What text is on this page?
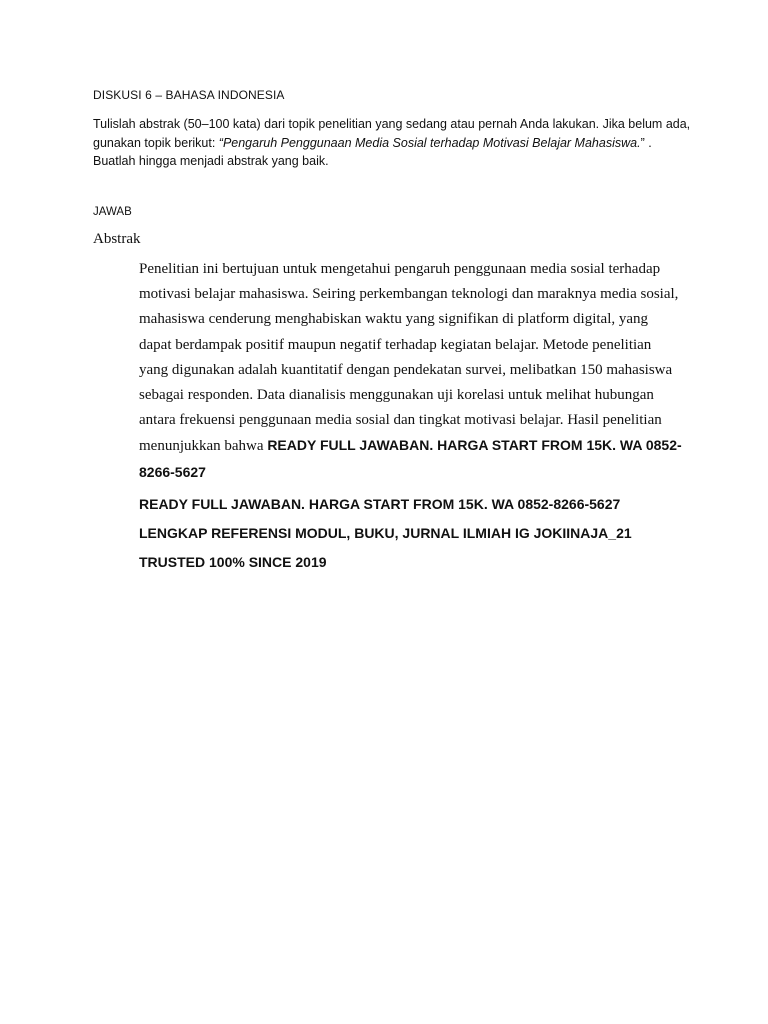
DISKUSI 6 – BAHASA INDONESIA
Tulislah abstrak (50–100 kata) dari topik penelitian yang sedang atau pernah Anda lakukan. Jika belum ada, gunakan topik berikut: “Pengaruh Penggunaan Media Sosial terhadap Motivasi Belajar Mahasiswa.” . Buatlah hingga menjadi abstrak yang baik.
JAWAB
Abstrak
Penelitian ini bertujuan untuk mengetahui pengaruh penggunaan media sosial terhadap motivasi belajar mahasiswa. Seiring perkembangan teknologi dan maraknya media sosial, mahasiswa cenderung menghabiskan waktu yang signifikan di platform digital, yang dapat berdampak positif maupun negatif terhadap kegiatan belajar. Metode penelitian yang digunakan adalah kuantitatif dengan pendekatan survei, melibatkan 150 mahasiswa sebagai responden. Data dianalisis menggunakan uji korelasi untuk melihat hubungan antara frekuensi penggunaan media sosial dan tingkat motivasi belajar. Hasil penelitian menunjukkan bahwa READY FULL JAWABAN. HARGA START FROM 15K. WA 0852-8266-5627
READY FULL JAWABAN. HARGA START FROM 15K. WA 0852-8266-5627
LENGKAP REFERENSI MODUL, BUKU, JURNAL ILMIAH IG JOKIINAJA_21
TRUSTED 100% SINCE 2019
